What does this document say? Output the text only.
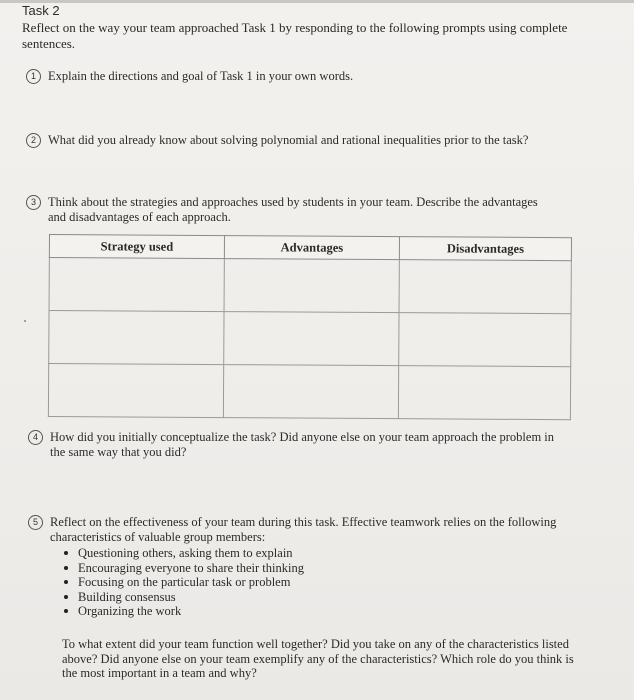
Task 2
Reflect on the way your team approached Task 1 by responding to the following prompts using complete sentences.
1 Explain the directions and goal of Task 1 in your own words.
2 What did you already know about solving polynomial and rational inequalities prior to the task?
3 Think about the strategies and approaches used by students in your team. Describe the advantages
and disadvantages of each approach.
Strategy used	Advantages	Disadvantages

4 How did you initially conceptualize the task? Did anyone else on your team approach the problem in
the same way that you did?
5 Reflect on the effectiveness of your team during this task. Effective teamwork relies on the following
characteristics of valuable group members:
Questioning others, asking them to explain
Encouraging everyone to share their thinking
Focusing on the particular task or problem
Building consensus
Organizing the work
To what extent did your team function well together? Did you take on any of the characteristics listed above? Did anyone else on your team exemplify any of the characteristics? Which role do you think is the most important in a team and why?
